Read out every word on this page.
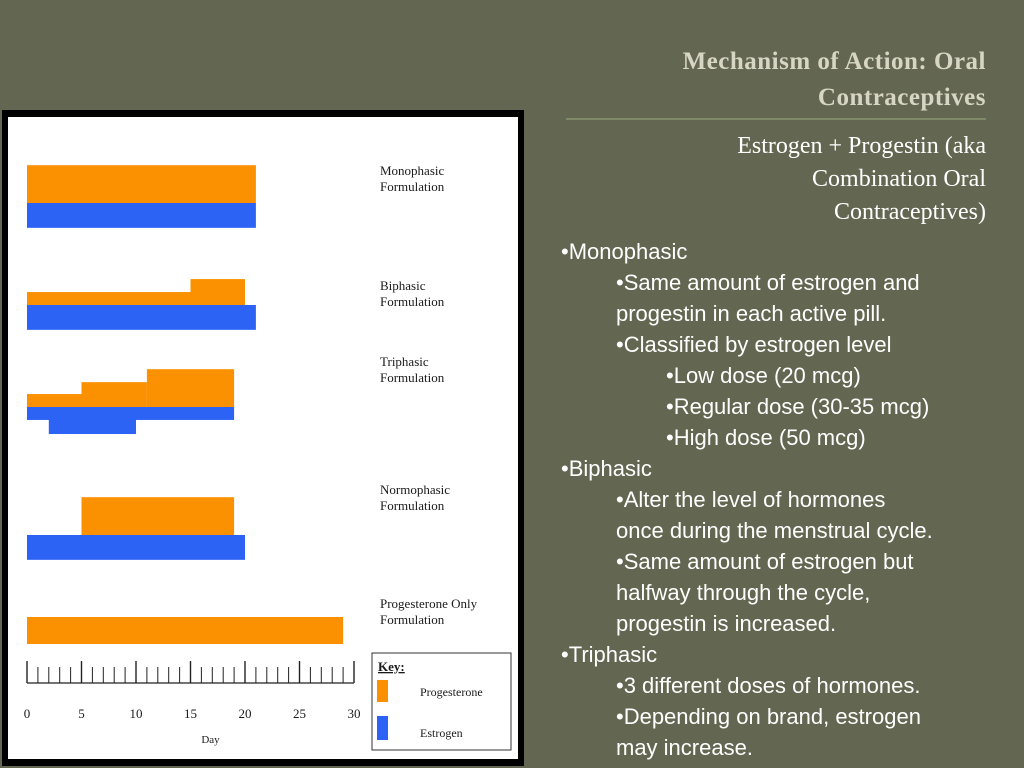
Mechanism of Action: Oral
Contraceptives
Estrogen + Progestin (aka
Combination Oral
Contraceptives)
•Monophasic
•Same amount of estrogen and
progestin in each active pill.
•Classified by estrogen level
•Low dose (20 mcg)
•Regular dose (30-35 mcg)
•High dose (50 mcg)
•Biphasic
•Alter the level of hormones
once during the menstrual cycle.
•Same amount of estrogen but
halfway through the cycle,
progestin is increased.
•Triphasic
•3 different doses of hormones.
•Depending on brand, estrogen
may increase.
Monophasic
Formulation
Biphasic
Formulation
Triphasic
Formulation
Normophasic
Formulation
Progesterone Only
Formulation
0	5	10	15	20	25	30
Day
Key:
Progesterone
Estrogen
